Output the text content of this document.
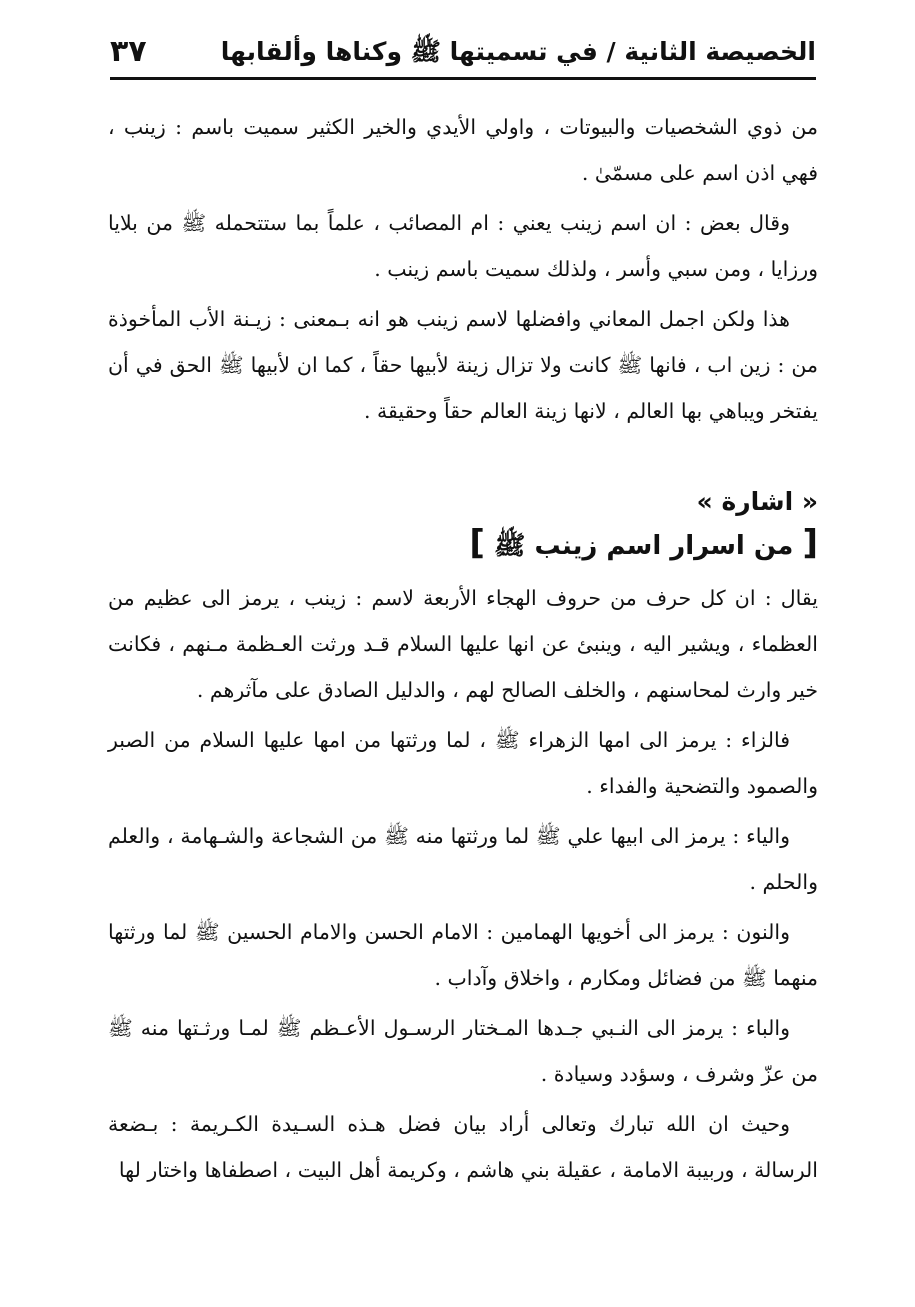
الخصيصة الثانية / في تسميتها ﷺ وكناها وألقابها
٣٧

من ذوي الشخصيات والبيوتات ، واولي الأيدي والخير الكثير سميت باسم : زينب ، فهي اذن اسم على مسمّىٰ .

وقال بعض : ان اسم زينب يعني : ام المصائب ، علماً بما ستتحمله ﷺ من بلايا ورزايا ، ومن سبي وأسر ، ولذلك سميت باسم زينب .

هذا ولكن اجمل المعاني وافضلها لاسم زينب هو انه بـمعنى : زيـنة الأب المأخوذة من : زين اب ، فانها ﷺ كانت ولا تزال زينة لأبيها حقاً ، كما ان لأبيها ﷺ الحق في أن يفتخر ويباهي بها العالم ، لانها زينة العالم حقاً وحقيقة .

« اشارة »
[ من اسرار اسم زينب ﷺ ]

يقال : ان كل حرف من حروف الهجاء الأربعة لاسم : زينب ، يرمز الى عظيم من العظماء ، ويشير اليه ، وينبئ عن انها عليها السلام قـد ورثت العـظمة مـنهم ، فكانت خير وارث لمحاسنهم ، والخلف الصالح لهم ، والدليل الصادق على مآثرهم .

فالزاء : يرمز الى امها الزهراء ﷺ ، لما ورثتها من امها عليها السلام من الصبر والصمود والتضحية والفداء .

والياء : يرمز الى ابيها علي ﷺ لما ورثتها منه ﷺ من الشجاعة والشـهامة ، والعلم والحلم .

والنون : يرمز الى أخويها الهمامين : الامام الحسن والامام الحسين ﷺ لما ورثتها منهما ﷺ من فضائل ومكارم ، واخلاق وآداب .

والباء : يرمز الى النـبي جـدها المـختار الرسـول الأعـظم ﷺ لمـا ورثـتها منه ﷺ من عزّ وشرف ، وسؤدد وسيادة .

وحيث ان الله تبارك وتعالى أراد بيان فضل هـذه السـيدة الكـريمة : بـضعة الرسالة ، وربيبة الامامة ، عقيلة بني هاشم ، وكريمة أهل البيت ، اصطفاها واختار لها
